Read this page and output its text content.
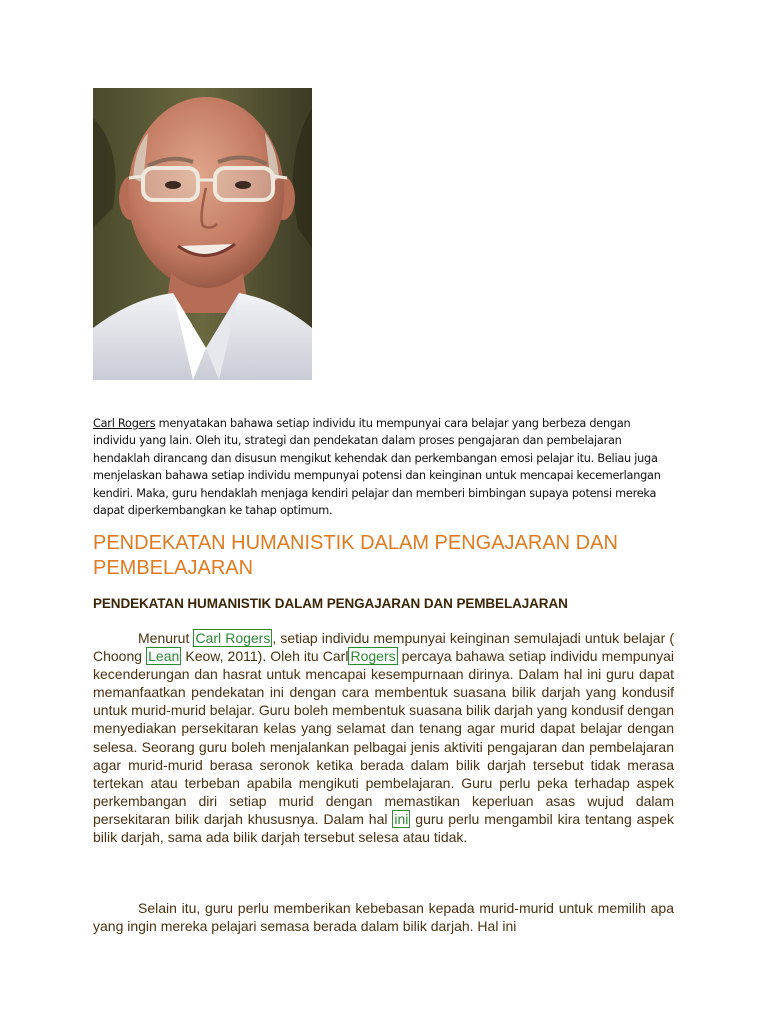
Carl Rogers menyatakan bahawa setiap individu itu mempunyai cara belajar yang berbeza dengan individu yang lain. Oleh itu, strategi dan pendekatan dalam proses pengajaran dan pembelajaran hendaklah dirancang dan disusun mengikut kehendak dan perkembangan emosi pelajar itu. Beliau juga menjelaskan bahawa setiap individu mempunyai potensi dan keinginan untuk mencapai kecemerlangan kendiri. Maka, guru hendaklah menjaga kendiri pelajar dan memberi bimbingan supaya potensi mereka dapat diperkembangkan ke tahap optimum.
PENDEKATAN HUMANISTIK DALAM PENGAJARAN DAN PEMBELAJARAN
PENDEKATAN HUMANISTIK DALAM PENGAJARAN DAN PEMBELAJARAN

Menurut Carl Rogers , setiap individu mempunyai keinginan semulajadi untuk belajar ( Choong Lean Keow, 2011). Oleh itu Carl Rogers percaya bahawa setiap individu mempunyai kecenderungan dan hasrat untuk mencapai kesempurnaan dirinya. Dalam hal ini guru dapat memanfaatkan pendekatan ini dengan cara membentuk suasana bilik darjah yang kondusif untuk murid-murid belajar. Guru boleh membentuk suasana bilik darjah yang kondusif dengan menyediakan persekitaran kelas yang selamat dan tenang agar murid dapat belajar dengan selesa. Seorang guru boleh menjalankan pelbagai jenis aktiviti pengajaran dan pembelajaran agar murid-murid berasa seronok ketika berada dalam bilik darjah tersebut tidak merasa tertekan atau terbeban apabila mengikuti pembelajaran. Guru perlu peka terhadap aspek perkembangan diri setiap murid dengan memastikan keperluan asas wujud dalam persekitaran bilik darjah khususnya. Dalam hal ini guru perlu mengambil kira tentang aspek bilik darjah, sama ada bilik darjah tersebut selesa atau tidak.

Selain itu, guru perlu memberikan kebebasan kepada murid-murid untuk memilih apa yang ingin mereka pelajari semasa berada dalam bilik darjah. Hal ini
